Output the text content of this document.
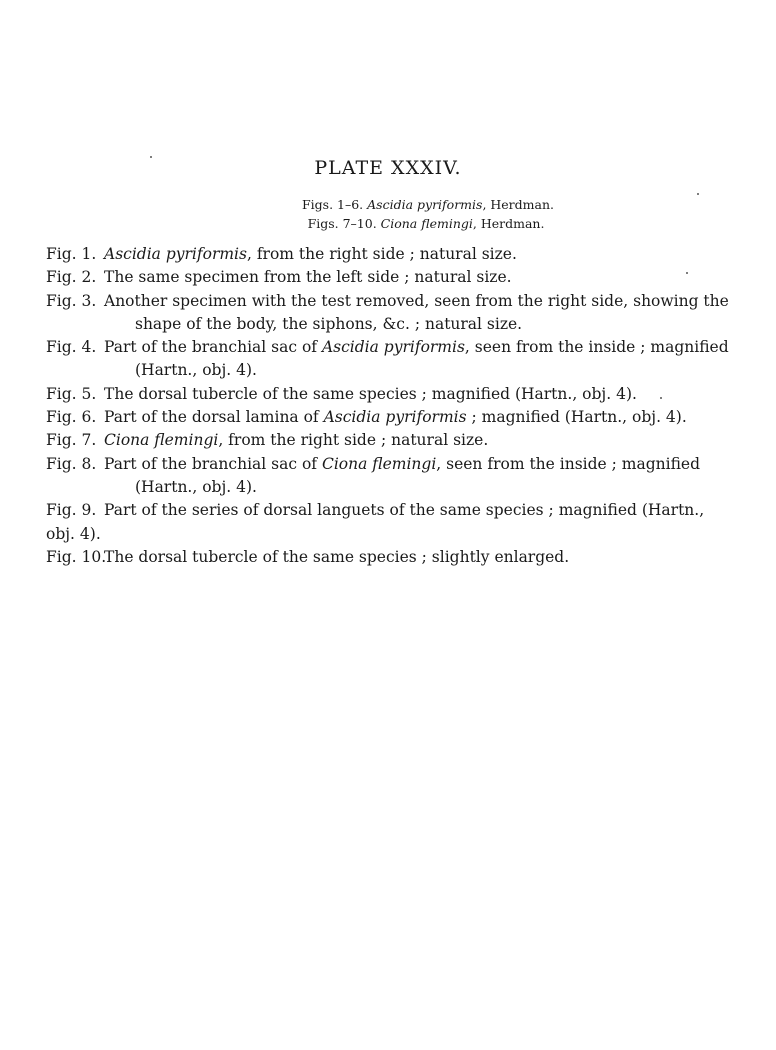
PLATE XXXIV.
Figs. 1–6. Ascidia pyriformis, Herdman.
Figs. 7–10. Ciona flemingi, Herdman.
Fig. 1. Ascidia pyriformis, from the right side ; natural size.
Fig. 2. The same specimen from the left side ; natural size.
Fig. 3. Another specimen with the test removed, seen from the right side, showing the
shape of the body, the siphons, &c. ; natural size.
Fig. 4. Part of the branchial sac of Ascidia pyriformis, seen from the inside ; magnified
(Hartn., obj. 4).
Fig. 5. The dorsal tubercle of the same species ; magnified (Hartn., obj. 4).
Fig. 6. Part of the dorsal lamina of Ascidia pyriformis ; magnified (Hartn., obj. 4).
Fig. 7. Ciona flemingi, from the right side ; natural size.
Fig. 8. Part of the branchial sac of Ciona flemingi, seen from the inside ; magnified
(Hartn., obj. 4).
Fig. 9. Part of the series of dorsal languets of the same species ; magnified (Hartn., obj. 4).
Fig. 10.The dorsal tubercle of the same species ; slightly enlarged.
